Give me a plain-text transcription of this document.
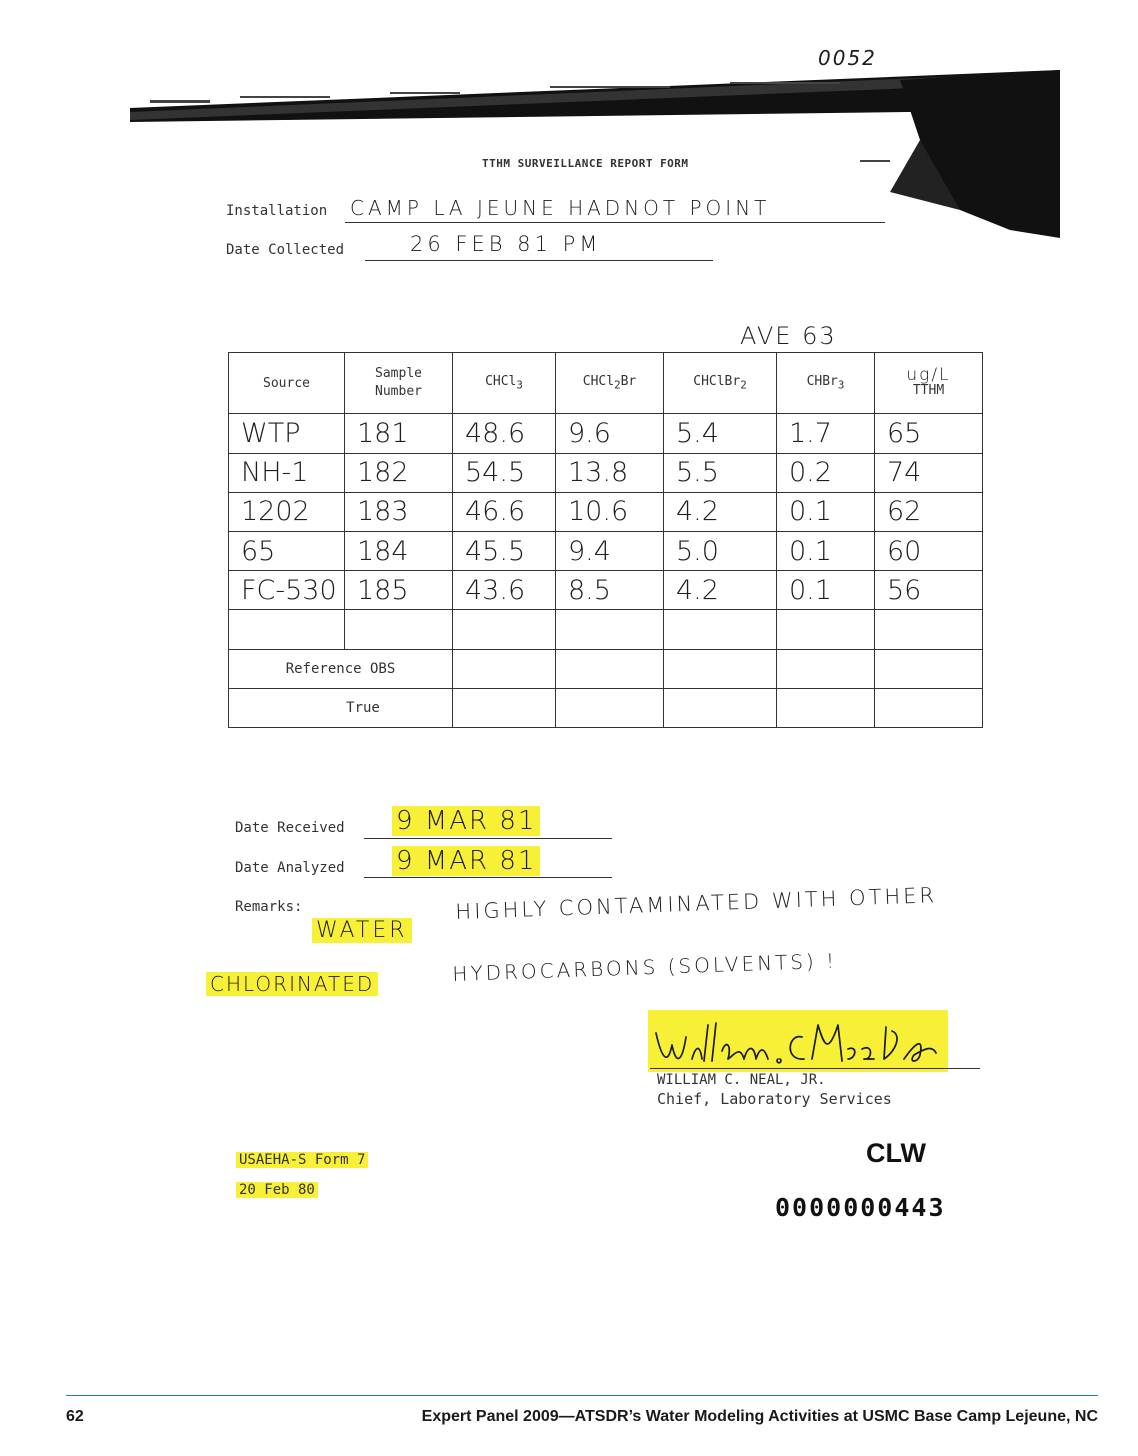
0052
TTHM SURVEILLANCE REPORT FORM
Installation CAMP LA JEUNE HADNOT POINT
Date Collected	26 FEB 81 PM
AVE 63
Source	Sample Number	CHCl$_3$	CHCl$_2$Br	CHClBr$_2$	CHBr$_3$	ug/L
TTHM
WTP	181	48.6	9.6	5.4	1.7	65
NH-1	182	54.5	13.8	5.5	0.2	74
1202	183	46.6	10.6	4.2	0.1	62
65	184	45.5	9.4	5.0	0.1	60
FC-530	185	43.6	8.5	4.2	0.1	56

Reference OBS						
True						
Date Received 9 MAR 81
Date Analyzed 9 MAR 81
Remarks:
WATER
HIGHLY CONTAMINATED WITH OTHER
CHLORINATED	HYDROCARBONS (SOLVENTS) !
WILLIAM C. NEAL, JR.
Chief, Laboratory Services
USAEHA-S Form 7
20 Feb 80
CLW
0000000443
62	Expert Panel 2009—ATSDR’s Water Modeling Activities at USMC Base Camp Lejeune, NC
